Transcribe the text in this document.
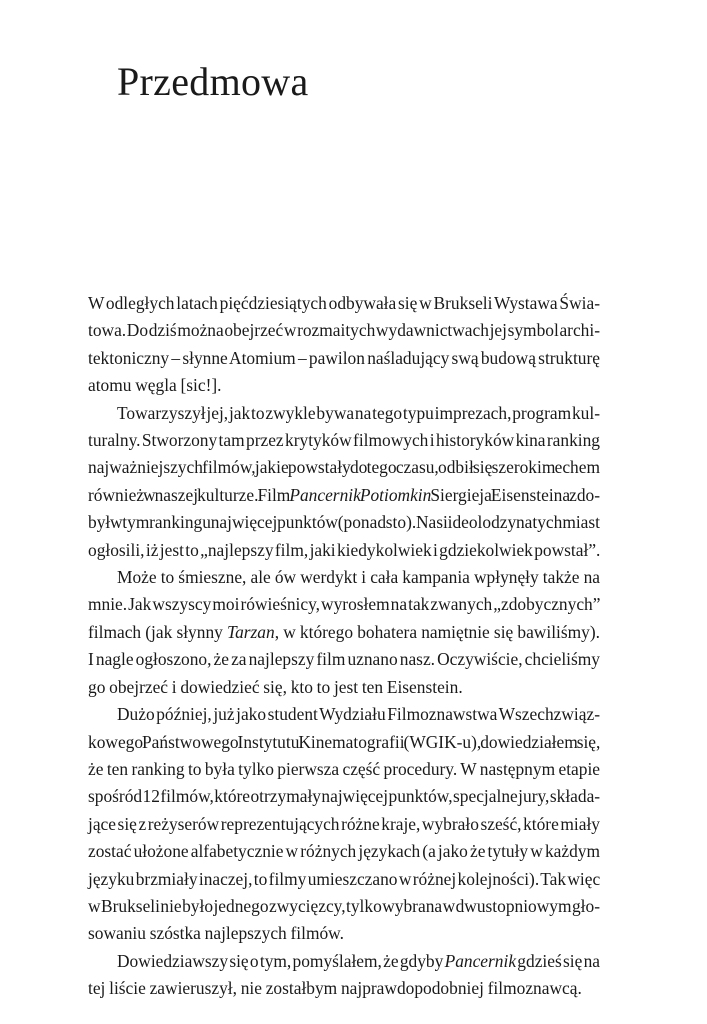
Przedmowa

W odległych latach pięćdziesiątych odbywała się w Brukseli Wystawa Świa-
towa. Do dziś można obejrzeć w rozmaitych wydawnictwach jej symbol archi-
tektoniczny – słynne Atomium – pawilon naśladujący swą budową strukturę
atomu węgla [sic!].

Towarzyszył jej, jak to zwykle bywa na tego typu imprezach, program kul-
turalny. Stworzony tam przez krytyków filmowych i historyków kina ranking
najważniejszych filmów, jakie powstały do tego czasu, odbił się szerokim echem
również w naszej kulturze. Film Pancernik Potiomkin Siergieja Eisensteina zdo-
był w tym rankingu najwięcej punktów (ponad sto). Nasi ideolodzy natychmiast
ogłosili, iż jest to „najlepszy film, jaki kiedykolwiek i gdziekolwiek powstał”.

Może to śmieszne, ale ów werdykt i cała kampania wpłynęły także na
mnie. Jak wszyscy moi rówieśnicy, wyrosłem na tak zwanych „zdobycznych”
filmach (jak słynny Tarzan, w którego bohatera namiętnie się bawiliśmy).
I nagle ogłoszono, że za najlepszy film uznano nasz. Oczywiście, chcieliśmy
go obejrzeć i dowiedzieć się, kto to jest ten Eisenstein.

Dużo później, już jako student Wydziału Filmoznawstwa Wszechzwiąz-
kowego Państwowego Instytutu Kinematografii (WGIK-u), dowiedziałem się,
że ten ranking to była tylko pierwsza część procedury. W następnym etapie
spośród 12 filmów, które otrzymały najwięcej punktów, specjalne jury, składa-
jące się z reżyserów reprezentujących różne kraje, wybrało sześć, które miały
zostać ułożone alfabetycznie w różnych językach (a jako że tytuły w każdym
języku brzmiały inaczej, to filmy umieszczano w różnej kolejności). Tak więc
w Brukseli nie było jednego zwycięzcy, tylko wybrana w dwustopniowym gło-
sowaniu szóstka najlepszych filmów.

Dowiedziawszy się o tym, pomyślałem, że gdyby Pancernik gdzieś się na
tej liście zawieruszył, nie zostałbym najprawdopodobniej filmoznawcą.
